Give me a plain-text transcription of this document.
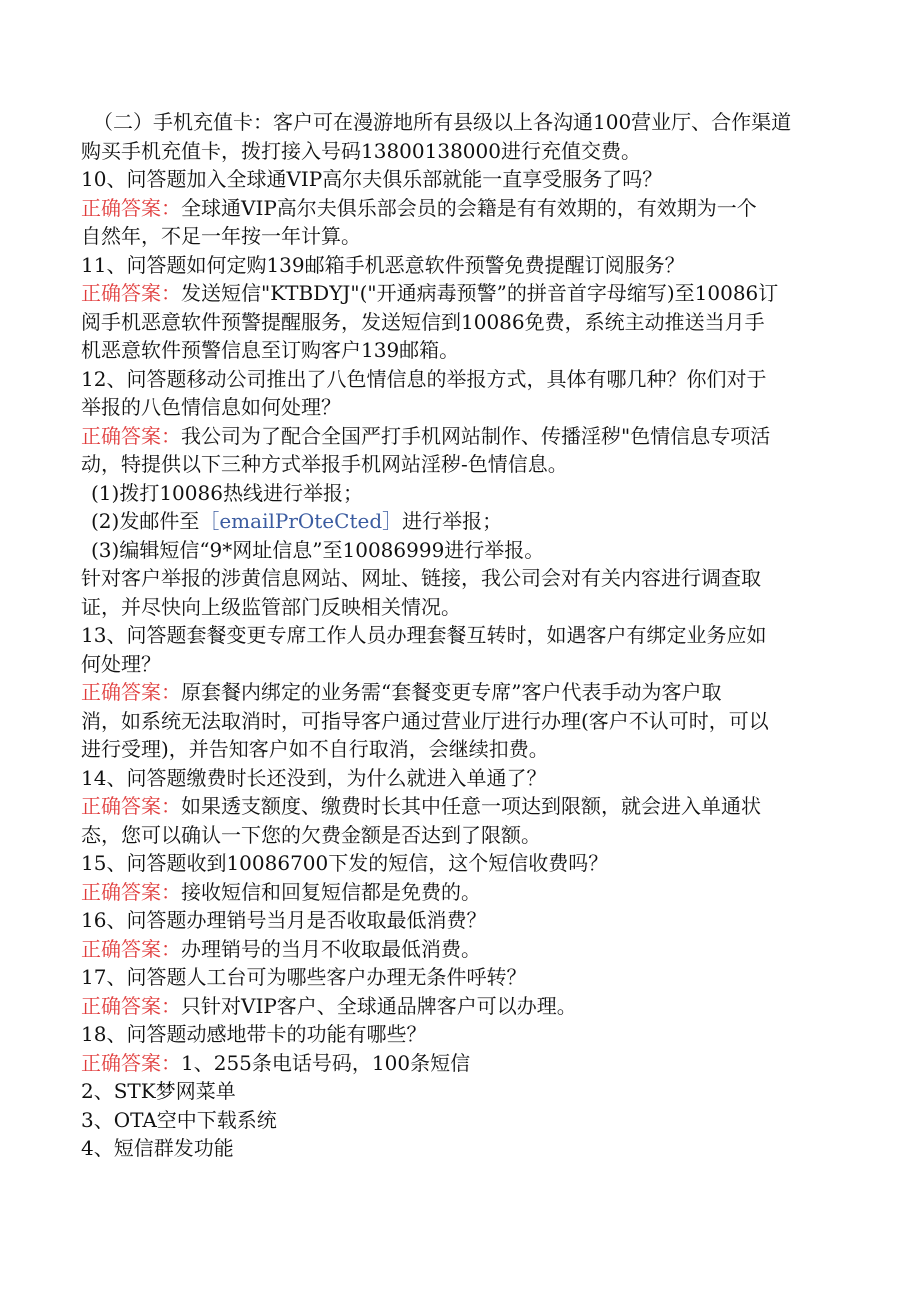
（二）手机充值卡：客户可在漫游地所有县级以上各沟通100营业厅、合作渠道
购买手机充值卡，拨打接入号码13800138000进行充值交费。
10、问答题加入全球通VIP高尔夫俱乐部就能一直享受服务了吗？
正确答案：全球通VIP高尔夫俱乐部会员的会籍是有有效期的，有效期为一个
自然年，不足一年按一年计算。
11、问答题如何定购139邮箱手机恶意软件预警免费提醒订阅服务？
正确答案：发送短信"KTBDYJ"("开通病毒预警”的拼音首字母缩写)至10086订
阅手机恶意软件预警提醒服务，发送短信到10086免费，系统主动推送当月手
机恶意软件预警信息至订购客户139邮箱。
12、问答题移动公司推出了八色情信息的举报方式，具体有哪几种？你们对于
举报的八色情信息如何处理？
正确答案：我公司为了配合全国严打手机网站制作、传播淫秽"色情信息专项活
动，特提供以下三种方式举报手机网站淫秽-色情信息。
(1)拨打10086热线进行举报；
(2)发邮件至［emailPrOteCted］进行举报；
(3)编辑短信“9*网址信息”至10086999进行举报。
针对客户举报的涉黄信息网站、网址、链接，我公司会对有关内容进行调查取
证，并尽快向上级监管部门反映相关情况。
13、问答题套餐变更专席工作人员办理套餐互转时，如遇客户有绑定业务应如
何处理？
正确答案：原套餐内绑定的业务需“套餐变更专席”客户代表手动为客户取
消，如系统无法取消时，可指导客户通过营业厅进行办理(客户不认可时，可以
进行受理)，并告知客户如不自行取消，会继续扣费。
14、问答题缴费时长还没到，为什么就进入单通了？
正确答案：如果透支额度、缴费时长其中任意一项达到限额，就会进入单通状
态，您可以确认一下您的欠费金额是否达到了限额。
15、问答题收到10086700下发的短信，这个短信收费吗？
正确答案：接收短信和回复短信都是免费的。
16、问答题办理销号当月是否收取最低消费？
正确答案：办理销号的当月不收取最低消费。
17、问答题人工台可为哪些客户办理无条件呼转？
正确答案：只针对VIP客户、全球通品牌客户可以办理。
18、问答题动感地带卡的功能有哪些？
正确答案：1、255条电话号码，100条短信
2、STK梦网菜单
3、OTA空中下载系统
4、短信群发功能
